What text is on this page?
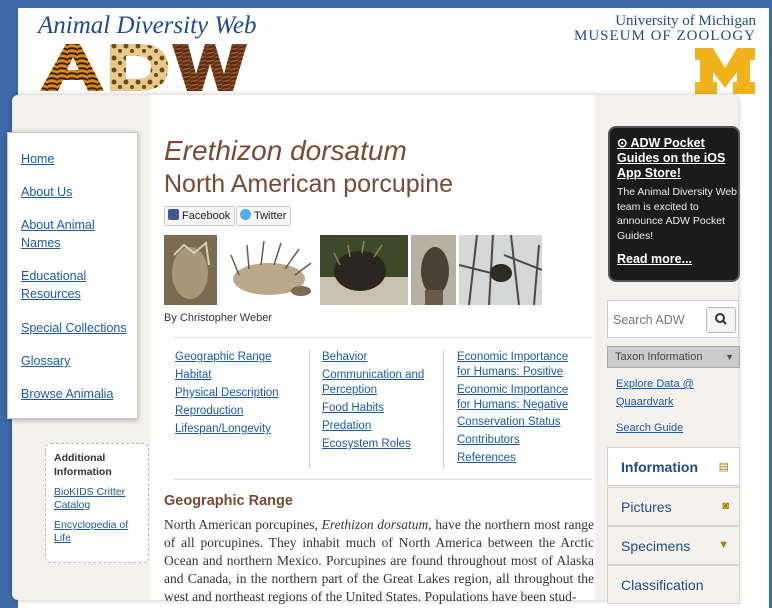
Animal Diversity Web	University of Michigan
MUSEUM OF ZOOLOGY
Home
About Us
About Animal Names
Educational Resources
Special Collections
Glossary
Browse Animalia
Additional Information
BioKIDS Critter Catalog
Encyclopedia of Life
Erethizon dorsatum
North American porcupine
Facebook	Twitter
By Christopher Weber
Geographic Range
Habitat
Physical Description
Reproduction
Lifespan/Longevity
Behavior
Communication and Perception
Food Habits
Predation
Ecosystem Roles
Economic Importance for Humans: Positive
Economic Importance for Humans: Negative
Conservation Status
Contributors
References
Geographic Range
North American porcupines, Erethizon dorsatum, have the northern most range of all porcupines. They inhabit much of North America between the Arctic Ocean and northern Mexico. Porcupines are found throughout most of Alaska and Canada, in the northern part of the Great Lakes region, all throughout the west and northeast regions of the United States. Populations have been stud-
⊙ ADW Pocket Guides on the iOS App Store!
The Animal Diversity Web team is excited to announce ADW Pocket Guides!
Read more...
Search ADW
Taxon Information	▼
Explore Data @ Quaardvark
Search Guide
Information ▤
Pictures	◙
Specimens	▼
Classification
